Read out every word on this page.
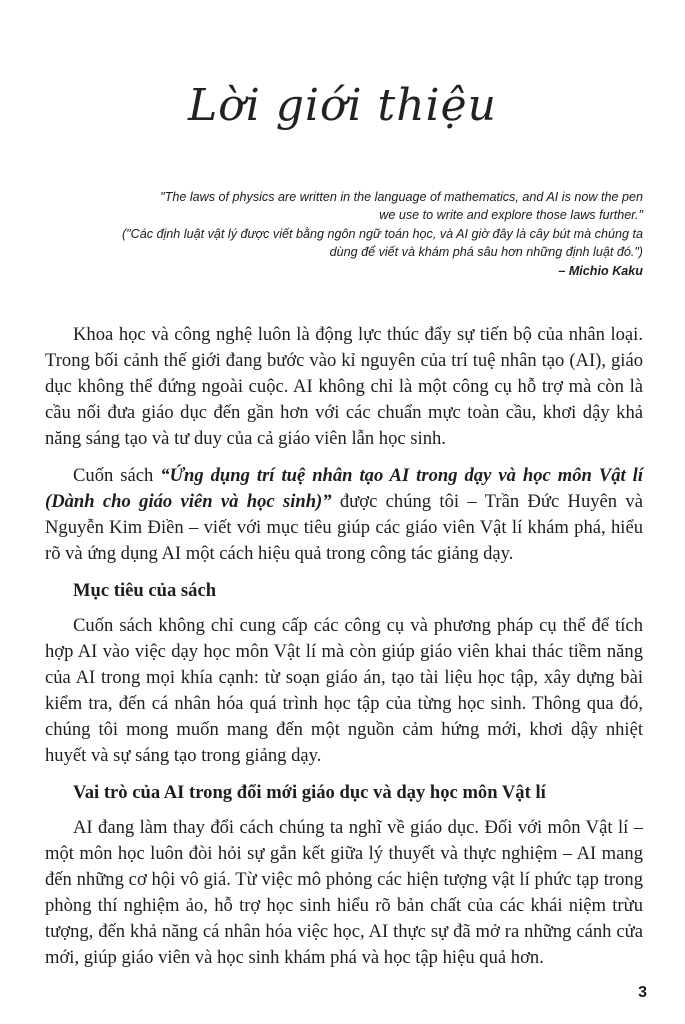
Lời giới thiệu
"The laws of physics are written in the language of mathematics, and AI is now the pen
we use to write and explore those laws further."
("Các định luật vật lý được viết bằng ngôn ngữ toán học, và AI giờ đây là cây bút mà chúng ta
dùng để viết và khám phá sâu hơn những định luật đó.")
– Michio Kaku

Khoa học và công nghệ luôn là động lực thúc đẩy sự tiến bộ của nhân loại. Trong bối cảnh thế giới đang bước vào kỉ nguyên của trí tuệ nhân tạo (AI), giáo dục không thể đứng ngoài cuộc. AI không chỉ là một công cụ hỗ trợ mà còn là cầu nối đưa giáo dục đến gần hơn với các chuẩn mực toàn cầu, khơi dậy khả năng sáng tạo và tư duy của cả giáo viên lẫn học sinh.

Cuốn sách “Ứng dụng trí tuệ nhân tạo AI trong dạy và học môn Vật lí (Dành cho giáo viên và học sinh)” được chúng tôi – Trần Đức Huyên và Nguyễn Kim Điền – viết với mục tiêu giúp các giáo viên Vật lí khám phá, hiểu rõ và ứng dụng AI một cách hiệu quả trong công tác giảng dạy.

Mục tiêu của sách

Cuốn sách không chỉ cung cấp các công cụ và phương pháp cụ thể để tích hợp AI vào việc dạy học môn Vật lí mà còn giúp giáo viên khai thác tiềm năng của AI trong mọi khía cạnh: từ soạn giáo án, tạo tài liệu học tập, xây dựng bài kiểm tra, đến cá nhân hóa quá trình học tập của từng học sinh. Thông qua đó, chúng tôi mong muốn mang đến một nguồn cảm hứng mới, khơi dậy nhiệt huyết và sự sáng tạo trong giảng dạy.

Vai trò của AI trong đổi mới giáo dục và dạy học môn Vật lí

AI đang làm thay đổi cách chúng ta nghĩ về giáo dục. Đối với môn Vật lí – một môn học luôn đòi hỏi sự gắn kết giữa lý thuyết và thực nghiệm – AI mang đến những cơ hội vô giá. Từ việc mô phỏng các hiện tượng vật lí phức tạp trong phòng thí nghiệm ảo, hỗ trợ học sinh hiểu rõ bản chất của các khái niệm trừu tượng, đến khả năng cá nhân hóa việc học, AI thực sự đã mở ra những cánh cửa mới, giúp giáo viên và học sinh khám phá và học tập hiệu quả hơn.

3
